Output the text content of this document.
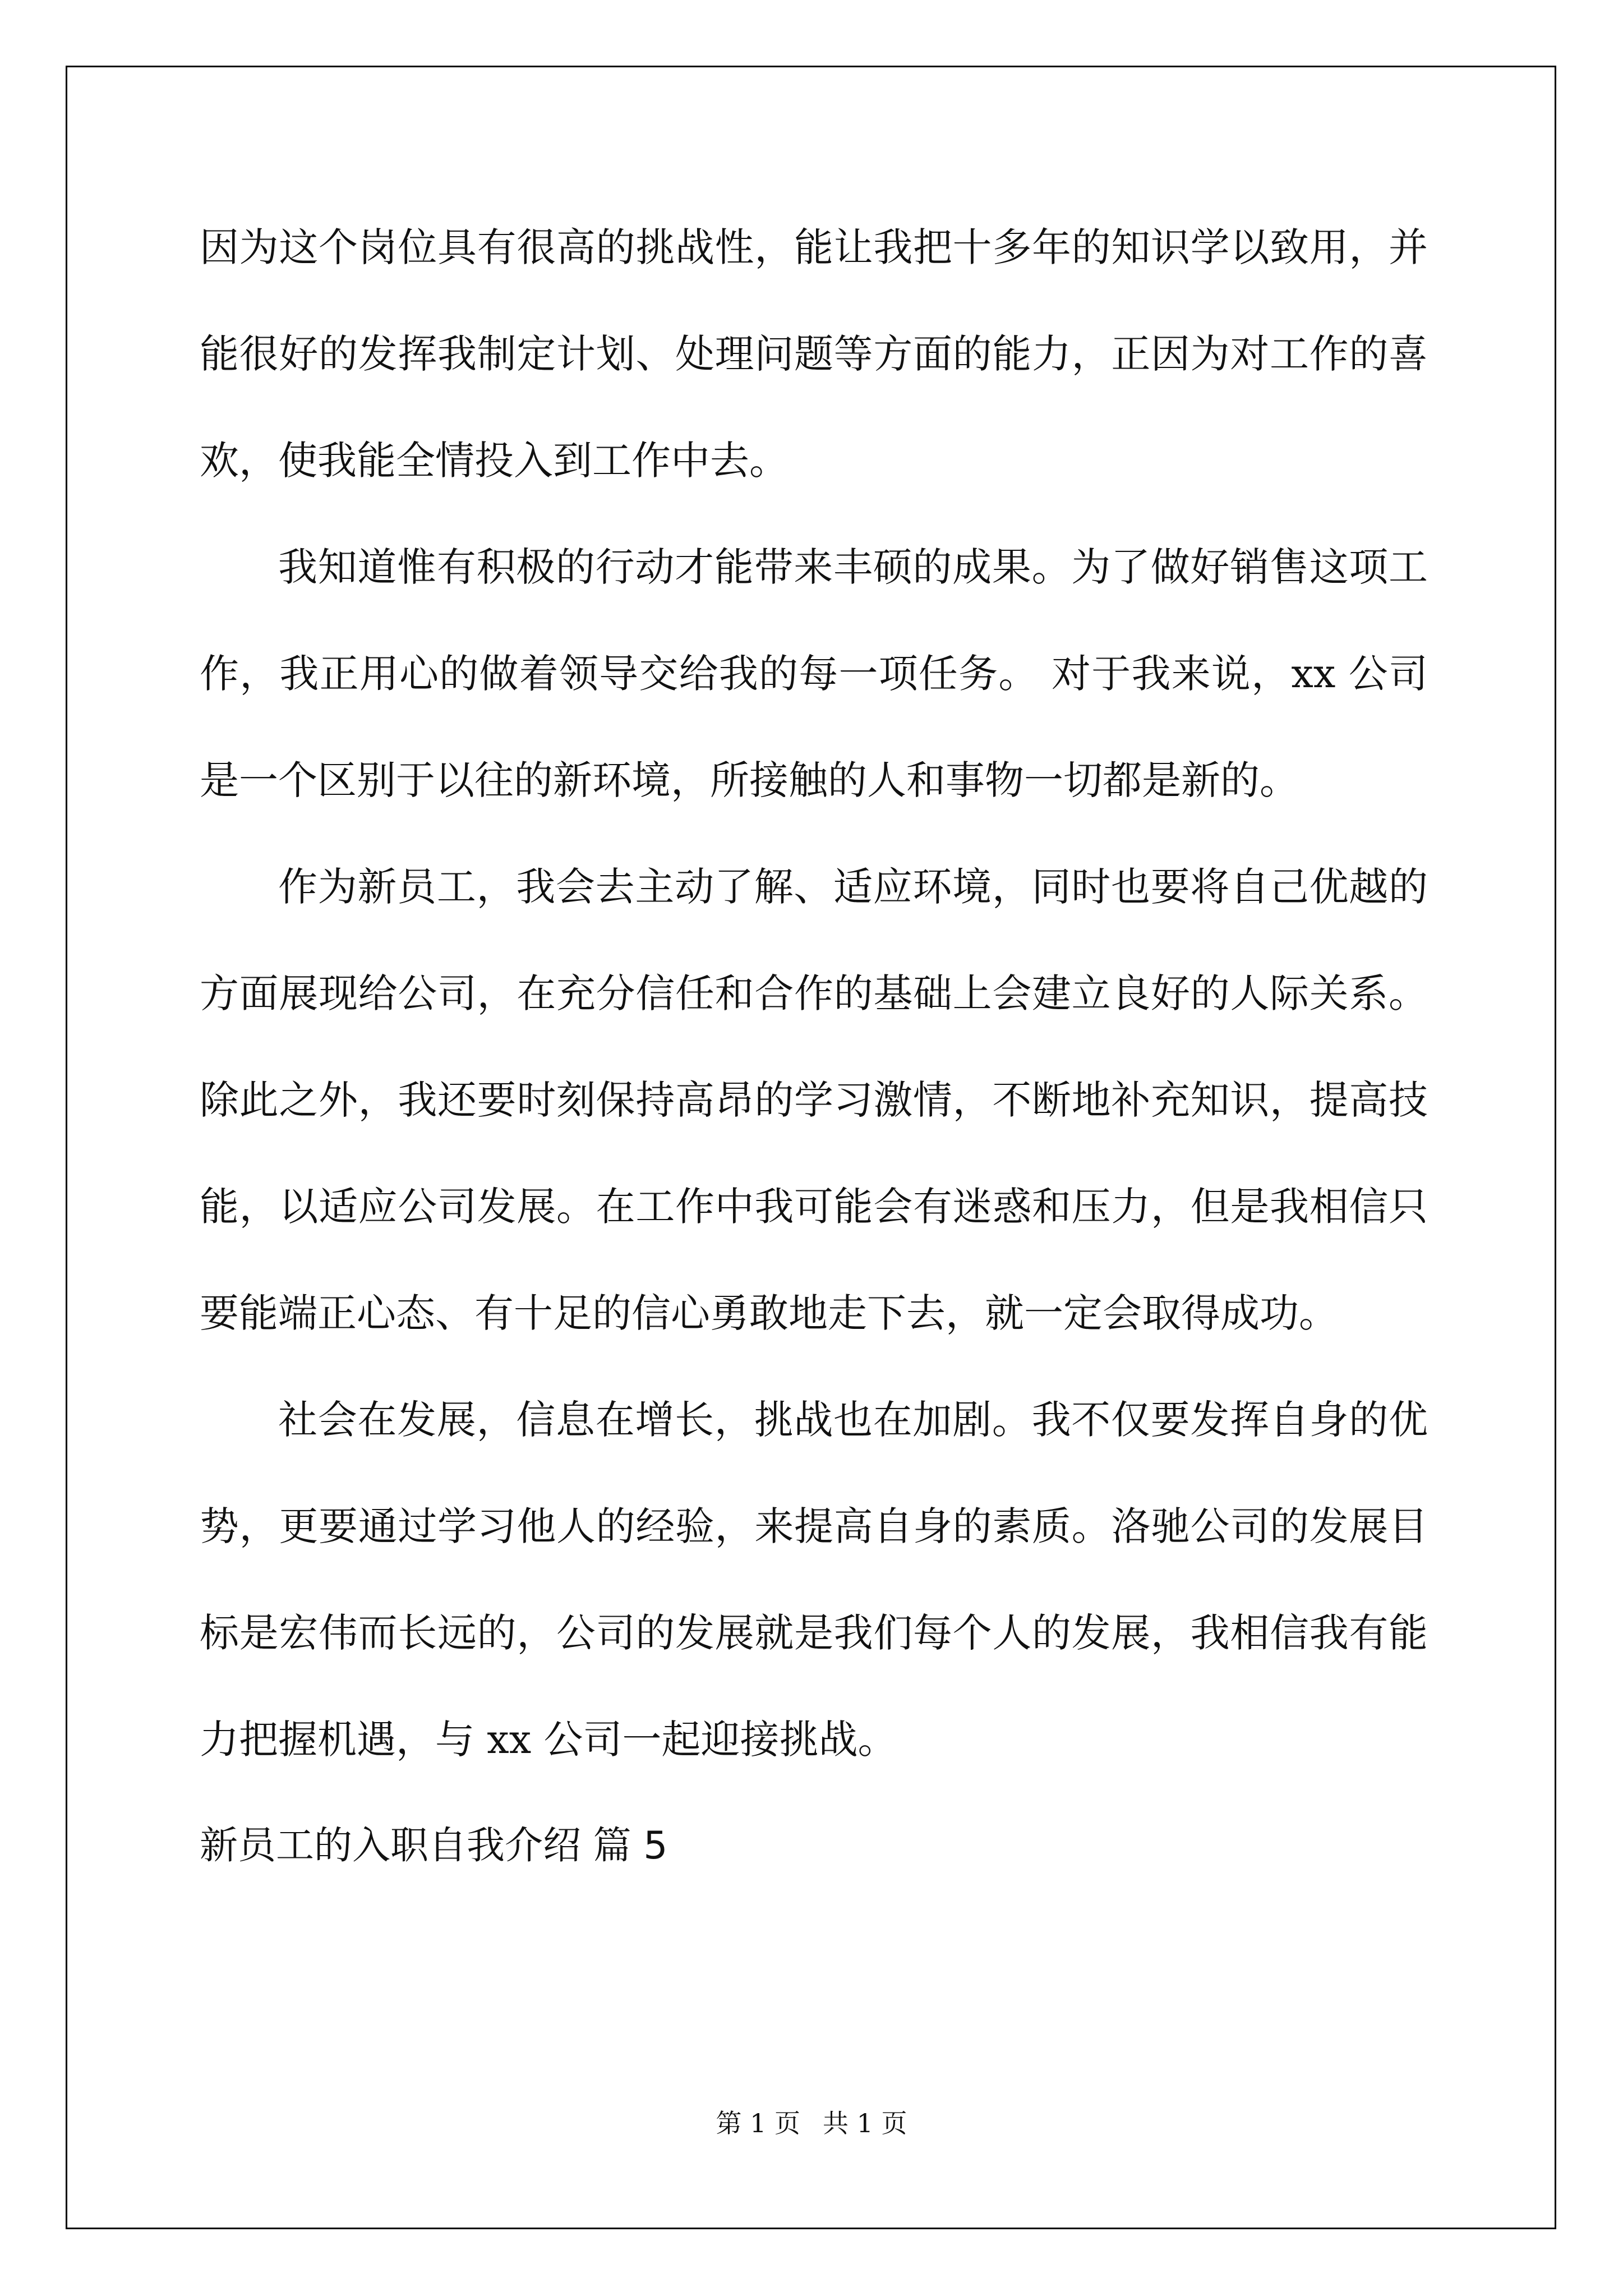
因为这个岗位具有很高的挑战性，能让我把十多年的知识学以致用，并能很好的发挥我制定计划、处理问题等方面的能力，正因为对工作的喜欢，使我能全情投入到工作中去。

我知道惟有积极的行动才能带来丰硕的成果。为了做好销售这项工作，我正用心的做着领导交给我的每一项任务。 对于我来说，xx 公司是一个区别于以往的新环境，所接触的人和事物一切都是新的。

作为新员工，我会去主动了解、适应环境，同时也要将自己优越的方面展现给公司，在充分信任和合作的基础上会建立良好的人际关系。除此之外，我还要时刻保持高昂的学习激情，不断地补充知识，提高技能，以适应公司发展。在工作中我可能会有迷惑和压力，但是我相信只要能端正心态、有十足的信心勇敢地走下去，就一定会取得成功。

社会在发展，信息在增长，挑战也在加剧。我不仅要发挥自身的优势，更要通过学习他人的经验，来提高自身的素质。洛驰公司的发展目标是宏伟而长远的，公司的发展就是我们每个人的发展，我相信我有能力把握机遇，与 xx 公司一起迎接挑战。

新员工的入职自我介绍 篇 5

第 1 页 共 1 页
